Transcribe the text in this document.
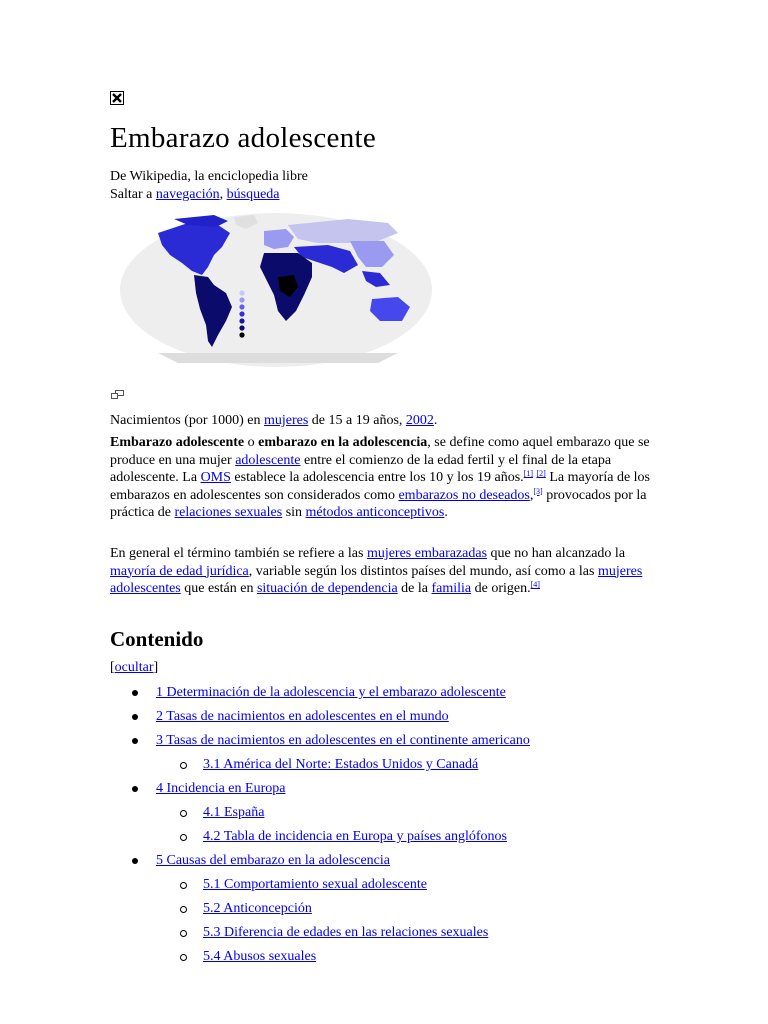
Embarazo adolescente
De Wikipedia, la enciclopedia libre
Saltar a navegación, búsqueda
Nacimientos (por 1000) en mujeres de 15 a 19 años, 2002.

Embarazo adolescente o embarazo en la adolescencia, se define como aquel embarazo que se produce en una mujer adolescente entre el comienzo de la edad fertil y el final de la etapa adolescente. La OMS establece la adolescencia entre los 10 y los 19 años.[1] [2] La mayoría de los embarazos en adolescentes son considerados como embarazos no deseados,[3] provocados por la práctica de relaciones sexuales sin métodos anticonceptivos.

En general el término también se refiere a las mujeres embarazadas que no han alcanzado la mayoría de edad jurídica, variable según los distintos países del mundo, así como a las mujeres adolescentes que están en situación de dependencia de la familia de origen.[4]

Contenido
[ocultar]
1 Determinación de la adolescencia y el embarazo adolescente
2 Tasas de nacimientos en adolescentes en el mundo
3 Tasas de nacimientos en adolescentes en el continente americano
3.1 América del Norte: Estados Unidos y Canadá
4 Incidencia en Europa
4.1 España
4.2 Tabla de incidencia en Europa y países anglófonos
5 Causas del embarazo en la adolescencia
5.1 Comportamiento sexual adolescente
5.2 Anticoncepción
5.3 Diferencia de edades en las relaciones sexuales
5.4 Abusos sexuales
